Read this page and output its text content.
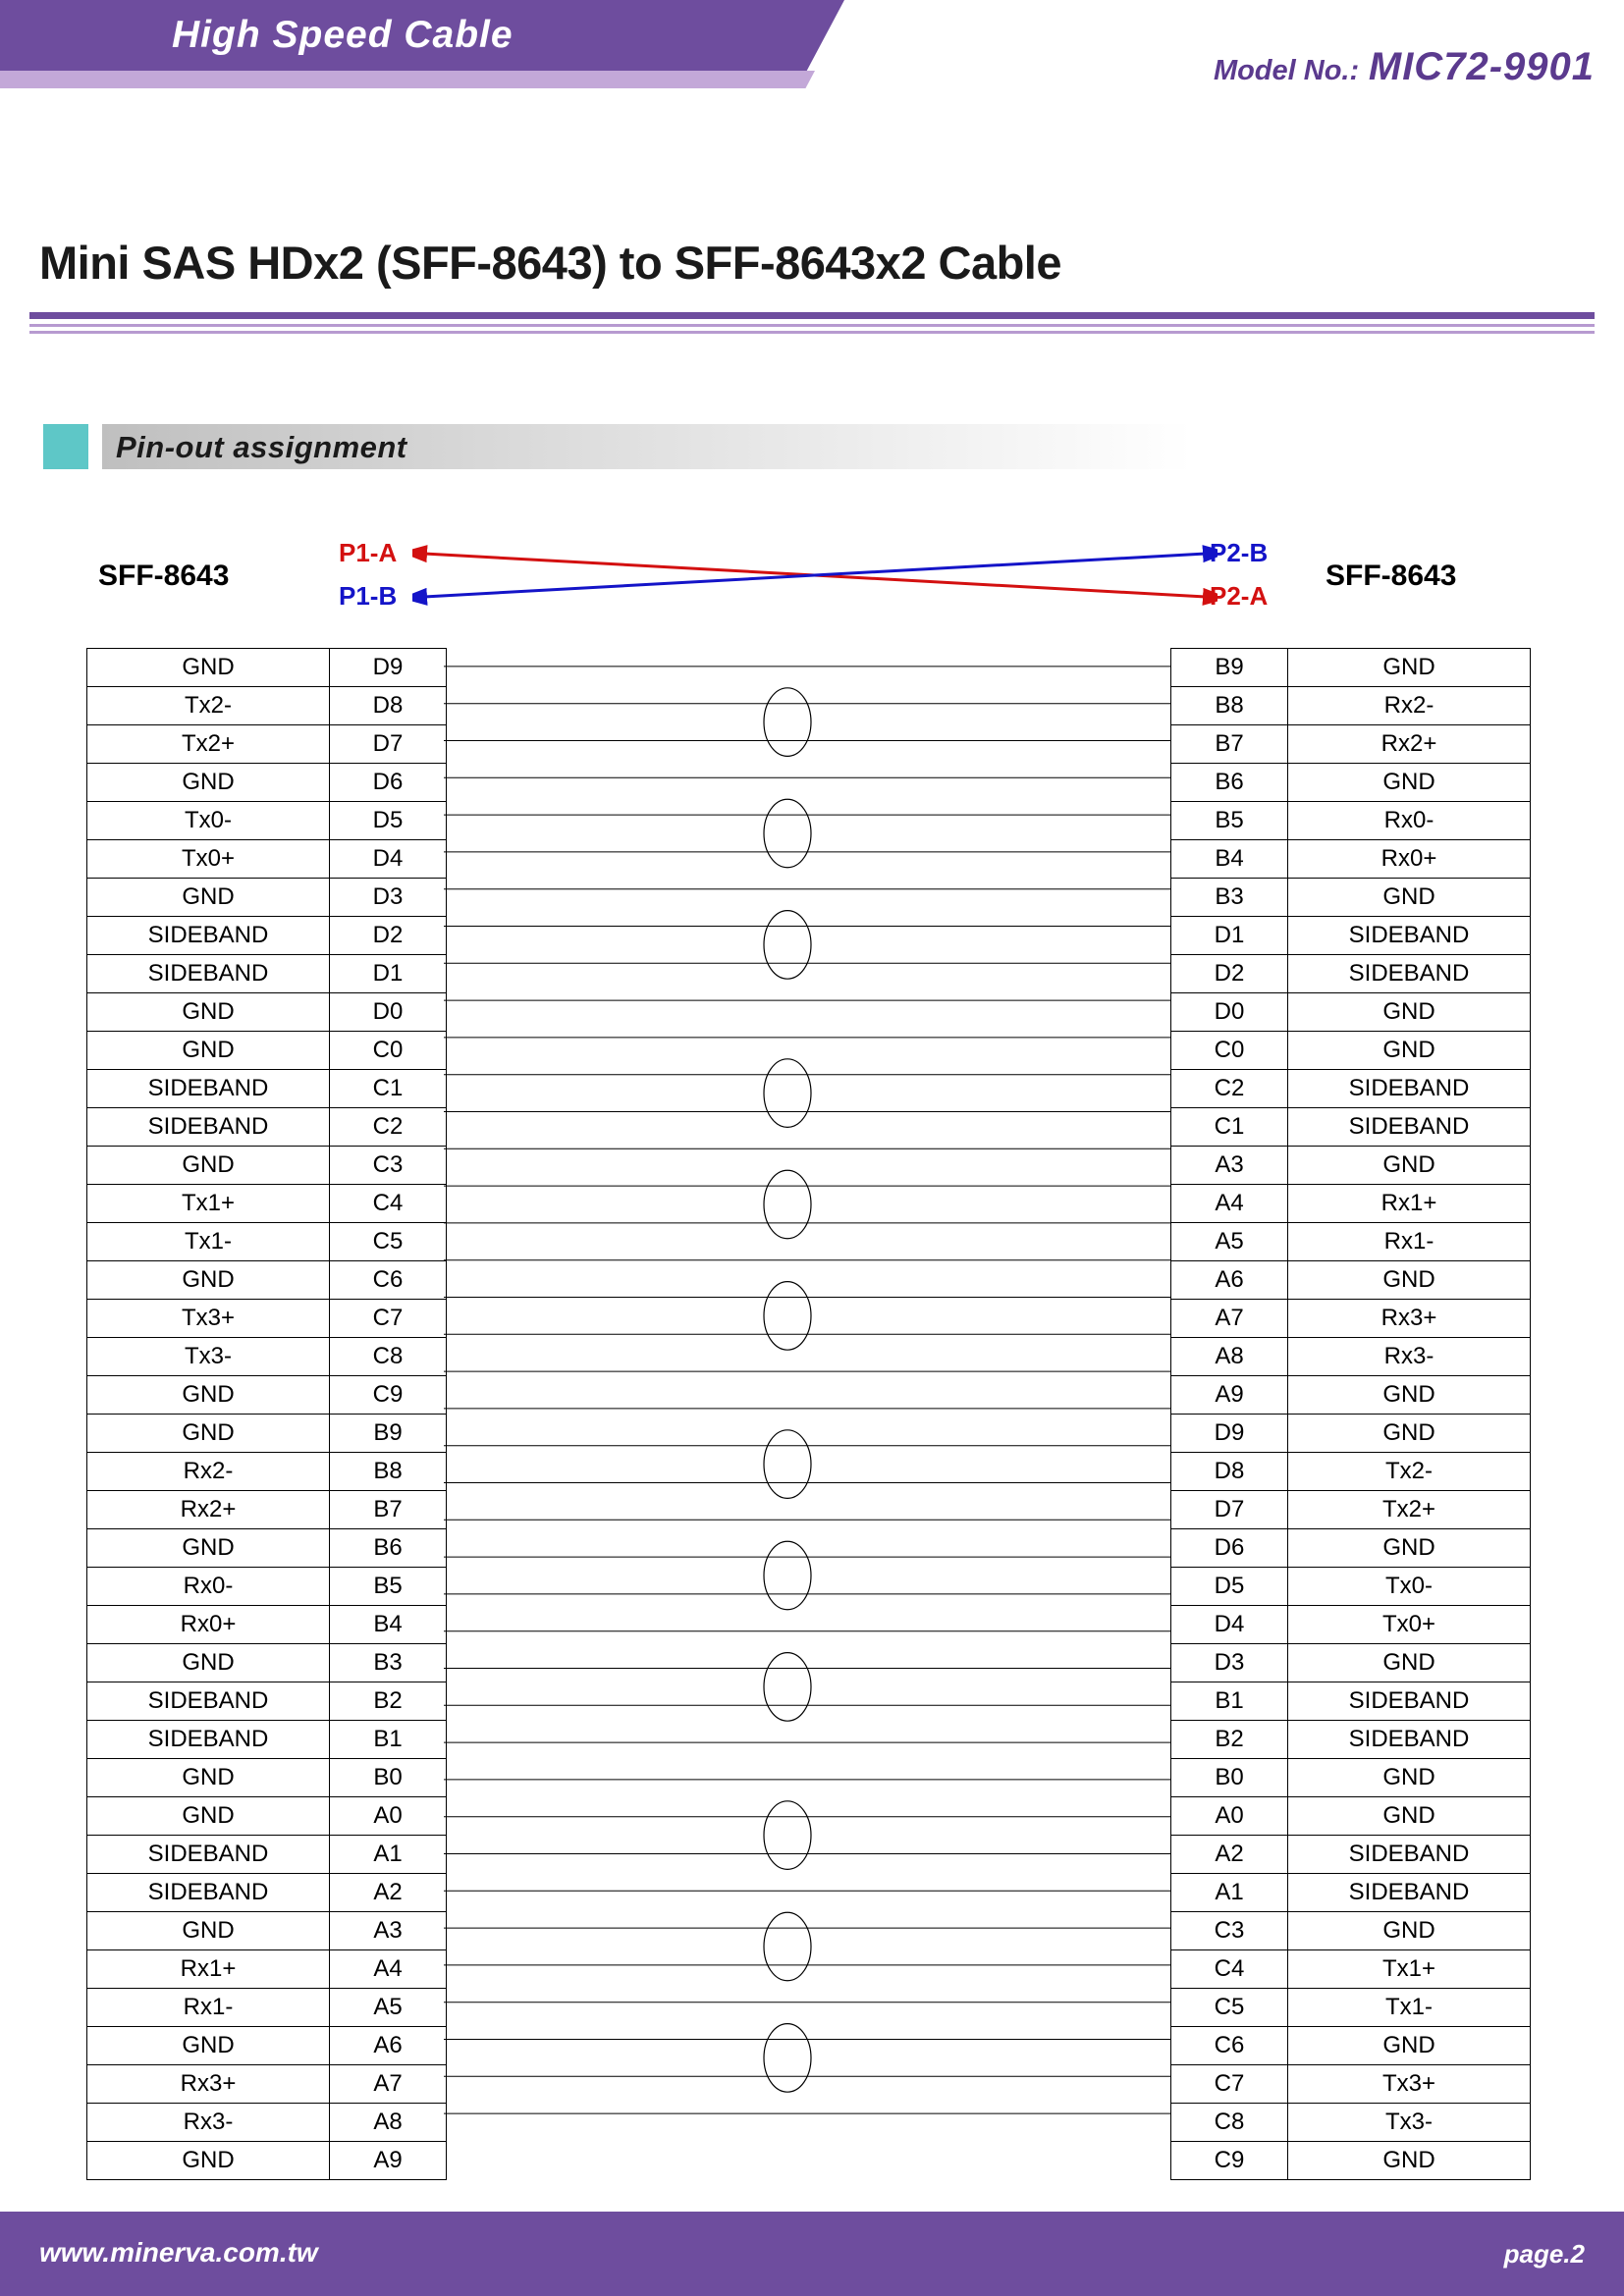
High Speed Cable
Model No.: MIC72-9901
Mini SAS HDx2 (SFF-8643) to SFF-8643x2 Cable
Pin-out assignment
SFF-8643	SFF-8643
P1-A
P1-B
P2-B
P2-A
GND	D9
Tx2-	D8
Tx2+	D7
GND	D6
Tx0-	D5
Tx0+	D4
GND	D3
SIDEBAND	D2
SIDEBAND	D1
GND	D0
GND	C0
SIDEBAND	C1
SIDEBAND	C2
GND	C3
Tx1+	C4
Tx1-	C5
GND	C6
Tx3+	C7
Tx3-	C8
GND	C9
GND	B9
Rx2-	B8
Rx2+	B7
GND	B6
Rx0-	B5
Rx0+	B4
GND	B3
SIDEBAND	B2
SIDEBAND	B1
GND	B0
GND	A0
SIDEBAND	A1
SIDEBAND	A2
GND	A3
Rx1+	A4
Rx1-	A5
GND	A6
Rx3+	A7
Rx3-	A8
GND	A9
B9	GND
B8	Rx2-
B7	Rx2+
B6	GND
B5	Rx0-
B4	Rx0+
B3	GND
D1	SIDEBAND
D2	SIDEBAND
D0	GND
C0	GND
C2	SIDEBAND
C1	SIDEBAND
A3	GND
A4	Rx1+
A5	Rx1-
A6	GND
A7	Rx3+
A8	Rx3-
A9	GND
D9	GND
D8	Tx2-
D7	Tx2+
D6	GND
D5	Tx0-
D4	Tx0+
D3	GND
B1	SIDEBAND
B2	SIDEBAND
B0	GND
A0	GND
A2	SIDEBAND
A1	SIDEBAND
C3	GND
C4	Tx1+
C5	Tx1-
C6	GND
C7	Tx3+
C8	Tx3-
C9	GND
www.minerva.com.tw	page.2
